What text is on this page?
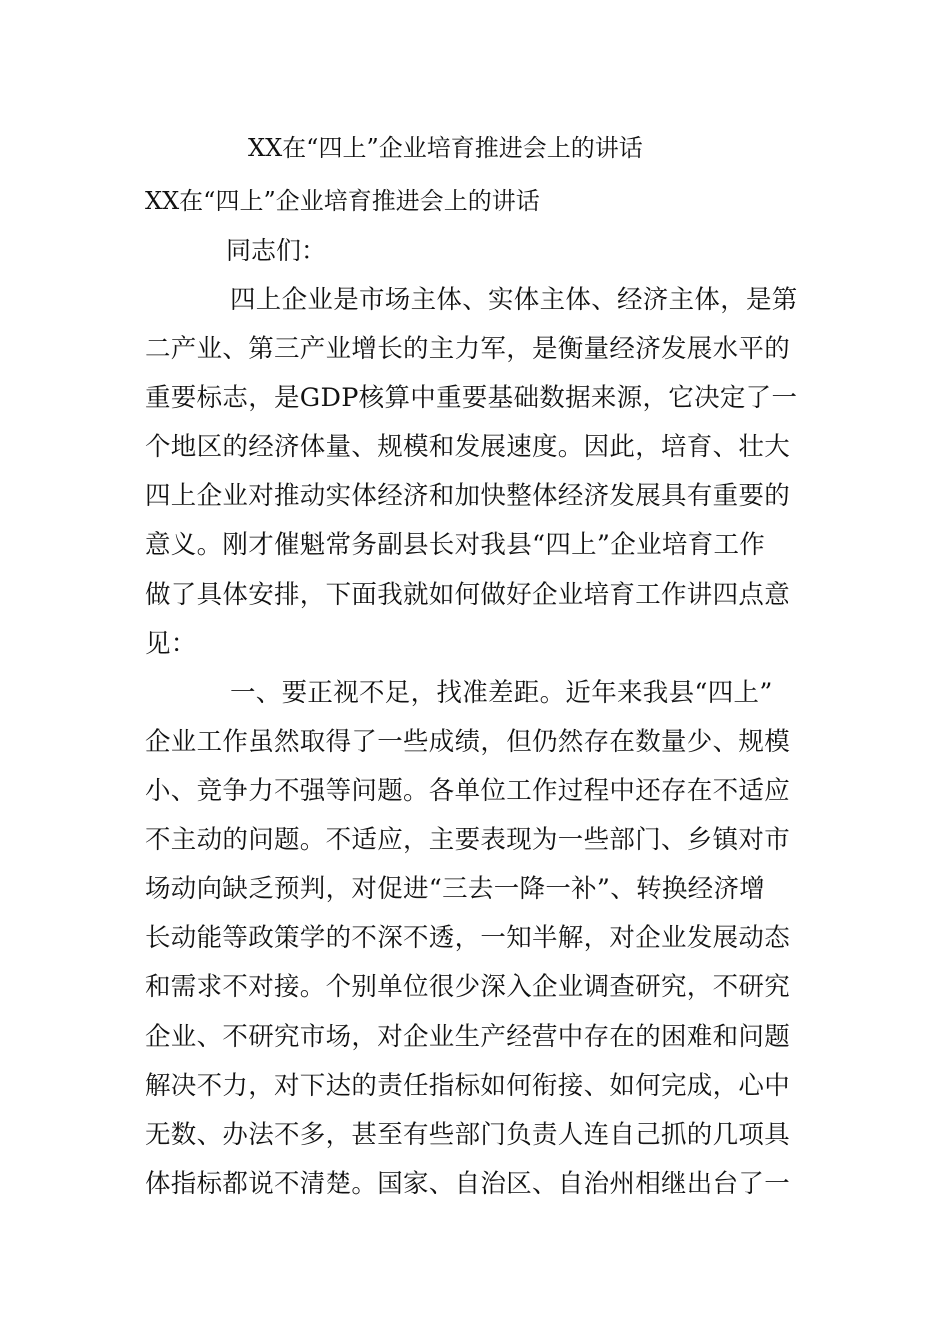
XX在“四上”企业培育推进会上的讲话
XX在“四上”企业培育推进会上的讲话
同志们：
四上企业是市场主体、实体主体、经济主体，是第
二产业、第三产业增长的主力军，是衡量经济发展水平的
重要标志，是GDP核算中重要基础数据来源，它决定了一
个地区的经济体量、规模和发展速度。因此，培育、壮大
四上企业对推动实体经济和加快整体经济发展具有重要的
意义。刚才催魁常务副县长对我县“四上”企业培育工作
做了具体安排，下面我就如何做好企业培育工作讲四点意
见：
一、要正视不足，找准差距。近年来我县“四上”
企业工作虽然取得了一些成绩，但仍然存在数量少、规模
小、竞争力不强等问题。各单位工作过程中还存在不适应
不主动的问题。不适应，主要表现为一些部门、乡镇对市
场动向缺乏预判，对促进“三去一降一补”、转换经济增
长动能等政策学的不深不透，一知半解，对企业发展动态
和需求不对接。个别单位很少深入企业调查研究，不研究
企业、不研究市场，对企业生产经营中存在的困难和问题
解决不力，对下达的责任指标如何衔接、如何完成，心中
无数、办法不多，甚至有些部门负责人连自己抓的几项具
体指标都说不清楚。国家、自治区、自治州相继出台了一
